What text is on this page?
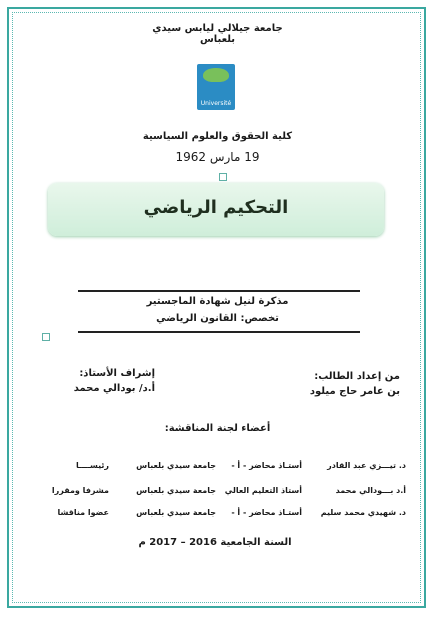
جامعة جيلالي ليابس سيدي بلعباس
Université
كلية الحقوق والعلوم السياسية
19 مارس 1962
التحكيم الرياضي
مذكرة لنيل شهادة الماجستير
تخصص: القانون الرياضي
من إعداد الطالب:
بن عامر حاج ميلود
إشراف الأستاذ:
أ.د/ بودالي محمد
أعضاء لجنة المناقشة:
د. تيـــزي عبد القادر
أستـاذ محاضر - أ -
جامعة سيدي بلعباس
رئيســــا
أ.د بـــودالي محمد
أستاذ التعليم العالي
جامعة سيدي بلعباس
مشرفا ومقررا
د. شهيدي محمد سليم
أستـاذ محاضر - أ -
جامعة سيدي بلعباس
عضوا مناقشا
السنة الجامعية 2016 – 2017 م
